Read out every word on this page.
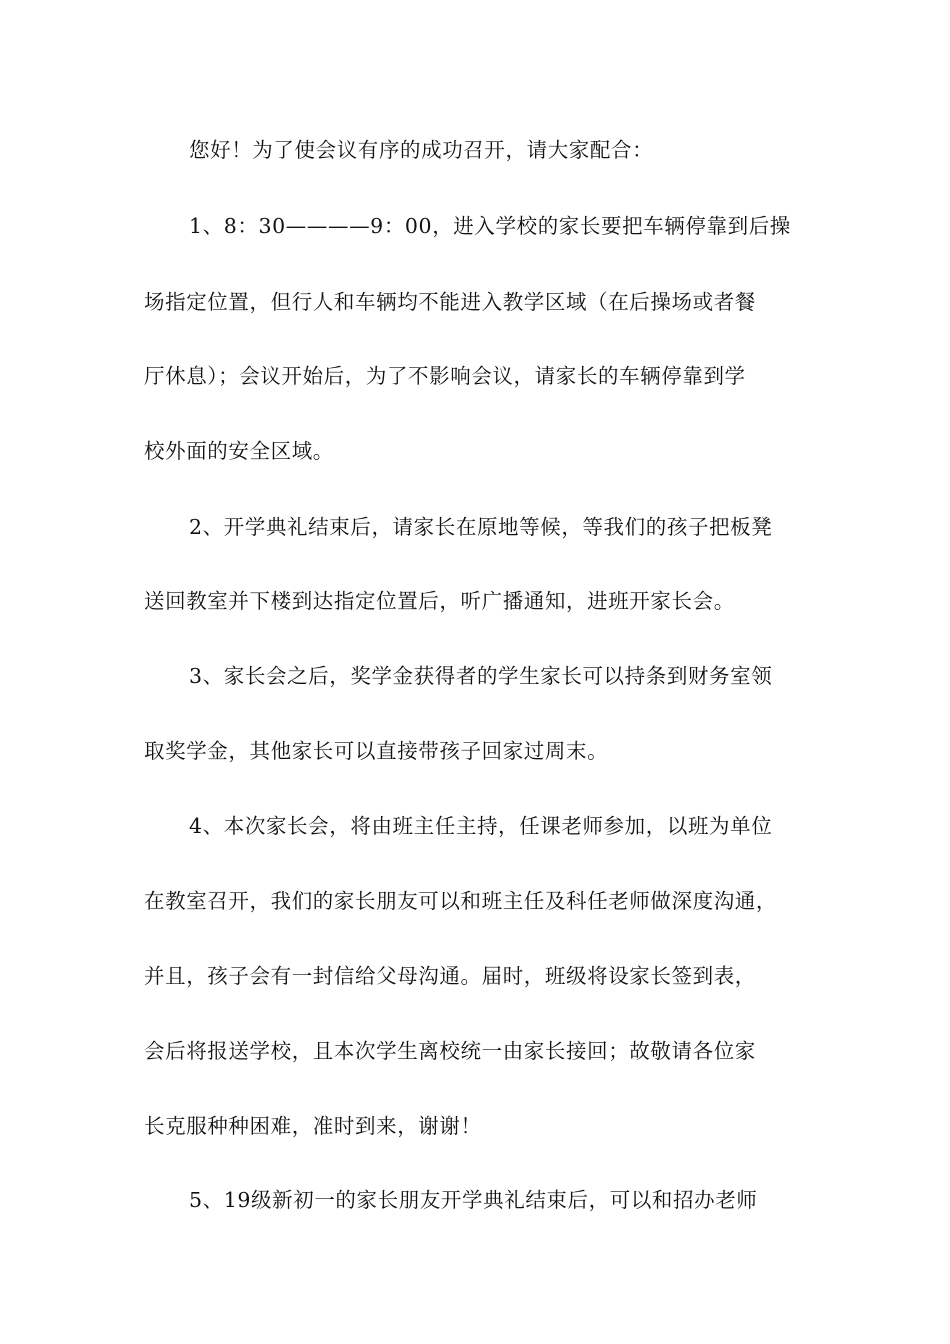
您好！为了使会议有序的成功召开，请大家配合：
1、8：30————9：00，进入学校的家长要把车辆停靠到后操
场指定位置，但行人和车辆均不能进入教学区域（在后操场或者餐
厅休息）；会议开始后，为了不影响会议，请家长的车辆停靠到学
校外面的安全区域。
2、开学典礼结束后，请家长在原地等候，等我们的孩子把板凳
送回教室并下楼到达指定位置后，听广播通知，进班开家长会。
3、家长会之后，奖学金获得者的学生家长可以持条到财务室领
取奖学金，其他家长可以直接带孩子回家过周末。
4、本次家长会，将由班主任主持，任课老师参加，以班为单位
在教室召开，我们的家长朋友可以和班主任及科任老师做深度沟通，
并且，孩子会有一封信给父母沟通。届时，班级将设家长签到表，
会后将报送学校，且本次学生离校统一由家长接回；故敬请各位家
长克服种种困难，准时到来，谢谢！
5、19级新初一的家长朋友开学典礼结束后，可以和招办老师
